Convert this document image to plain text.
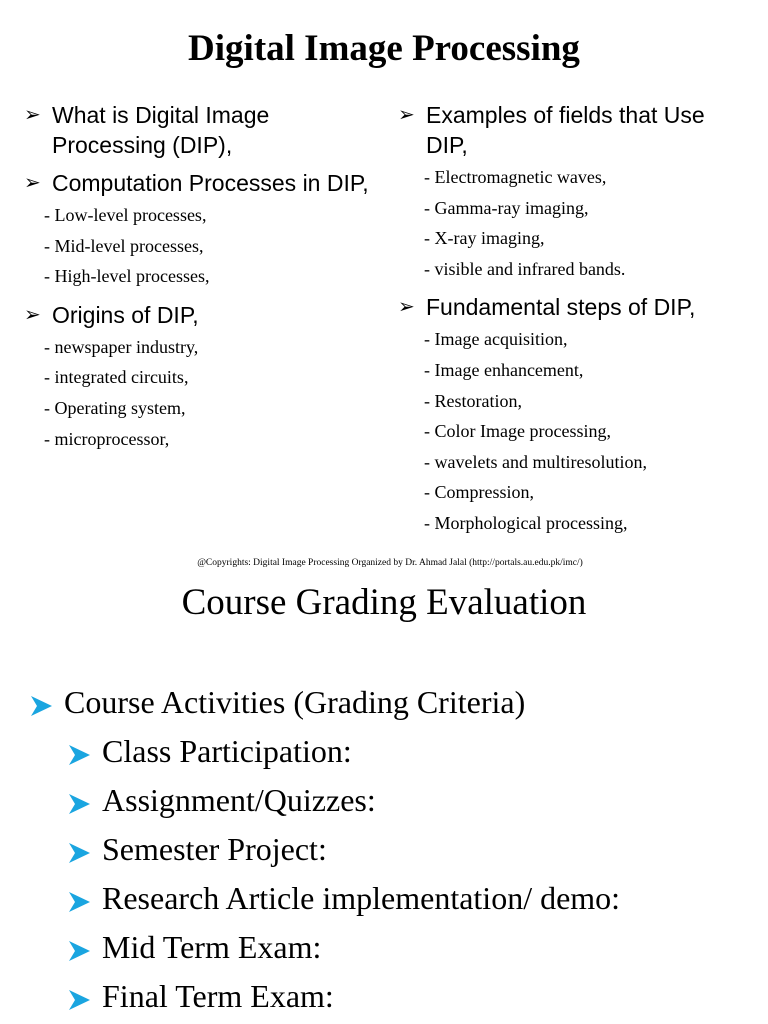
Digital Image Processing
➢ What is Digital Image Processing (DIP),
➢ Computation Processes in DIP,
- Low-level processes,
- Mid-level processes,
- High-level processes,
➢ Origins of DIP,
- newspaper industry,
- integrated circuits,
- Operating system,
- microprocessor,
➢ Examples of fields that Use DIP,
- Electromagnetic waves,
- Gamma-ray imaging,
- X-ray imaging,
- visible and infrared bands.
➢ Fundamental steps of DIP,
- Image acquisition,
- Image enhancement,
- Restoration,
- Color Image processing,
- wavelets and multiresolution,
- Compression,
- Morphological processing,
@Copyrights: Digital Image Processing Organized by Dr. Ahmad Jalal (http://portals.au.edu.pk/imc/)
Course Grading Evaluation
Course Activities (Grading Criteria)
Class Participation:
Assignment/Quizzes:
Semester Project:
Research Article implementation/ demo:
Mid Term Exam:
Final Term Exam:
